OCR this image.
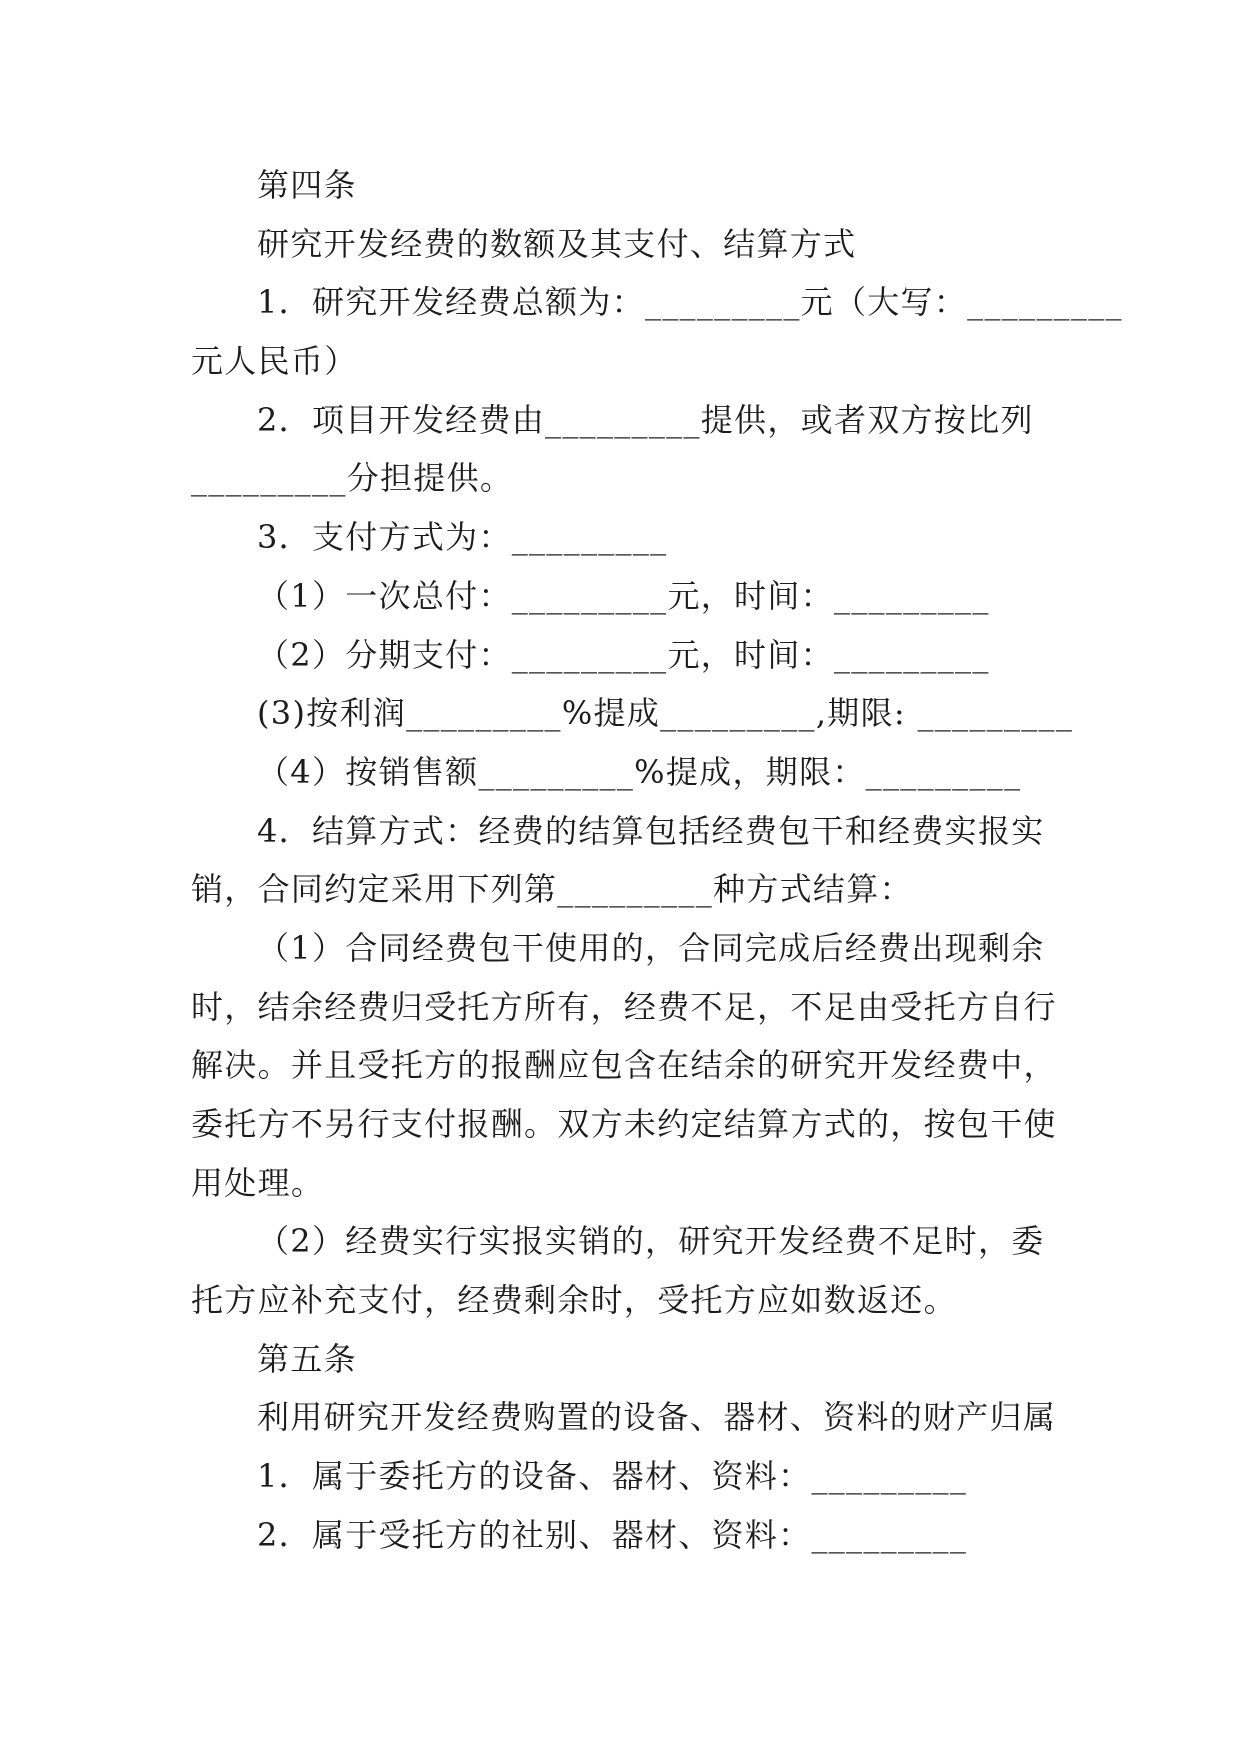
第四条
研究开发经费的数额及其支付、结算方式
1．研究开发经费总额为：_________元（大写：_________
元人民币）
2．项目开发经费由_________提供，或者双方按比列
_________分担提供。
3．支付方式为：_________
（1）一次总付：_________元，时间：_________
（2）分期支付：_________元，时间：_________
(3)按利润_________%提成_________,期限: _________
（4）按销售额_________%提成，期限：_________
4．结算方式：经费的结算包括经费包干和经费实报实
销，合同约定采用下列第_________种方式结算：
（1）合同经费包干使用的，合同完成后经费出现剩余
时，结余经费归受托方所有，经费不足，不足由受托方自行
解决。并且受托方的报酬应包含在结余的研究开发经费中，
委托方不另行支付报酬。双方未约定结算方式的，按包干使
用处理。
（2）经费实行实报实销的，研究开发经费不足时，委
托方应补充支付，经费剩余时，受托方应如数返还。
第五条
利用研究开发经费购置的设备、器材、资料的财产归属
1．属于委托方的设备、器材、资料：_________
2．属于受托方的社别、器材、资料：_________
